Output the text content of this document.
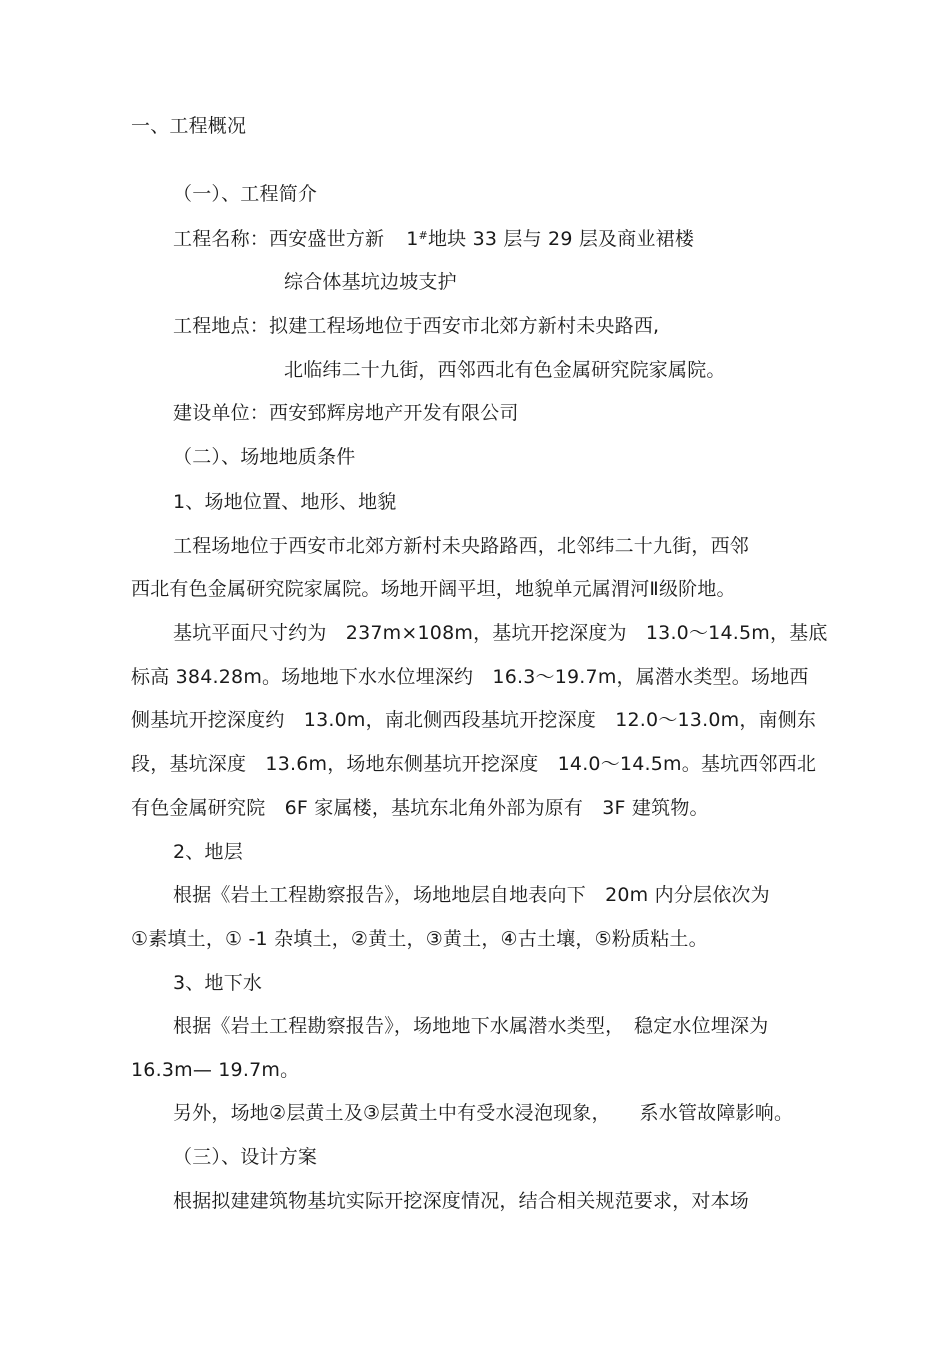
一、工程概况
（一）、工程简介
工程名称：西安盛世方新 1#地块 33 层与 29 层及商业裙楼
综合体基坑边坡支护
工程地点：拟建工程场地位于西安市北郊方新村未央路西,
北临纬二十九街，西邻西北有色金属研究院家属院。
建设单位：西安郅辉房地产开发有限公司
（二）、场地地质条件
1、场地位置、地形、地貌
工程场地位于西安市北郊方新村未央路路西，北邻纬二十九街，西邻
西北有色金属研究院家属院。场地开阔平坦，地貌单元属渭河Ⅱ级阶地。
基坑平面尺寸约为　237m×108m，基坑开挖深度为　13.0～14.5m，基底
标高 384.28m。场地地下水水位埋深约　16.3～19.7m，属潜水类型。场地西
侧基坑开挖深度约　13.0m，南北侧西段基坑开挖深度　12.0～13.0m，南侧东
段，基坑深度　13.6m，场地东侧基坑开挖深度　14.0～14.5m。基坑西邻西北
有色金属研究院　6F 家属楼，基坑东北角外部为原有　3F 建筑物。
2、地层
根据《岩土工程勘察报告》，场地地层自地表向下　20m 内分层依次为
①素填土，① -1 杂填土，②黄土，③黄土，④古土壤，⑤粉质粘土。
3、地下水
根据《岩土工程勘察报告》，场地地下水属潜水类型，　稳定水位埋深为
16.3m— 19.7m。
另外，场地②层黄土及③层黄土中有受水浸泡现象，　　系水管故障影响。
（三）、设计方案
根据拟建建筑物基坑实际开挖深度情况，结合相关规范要求，对本场
